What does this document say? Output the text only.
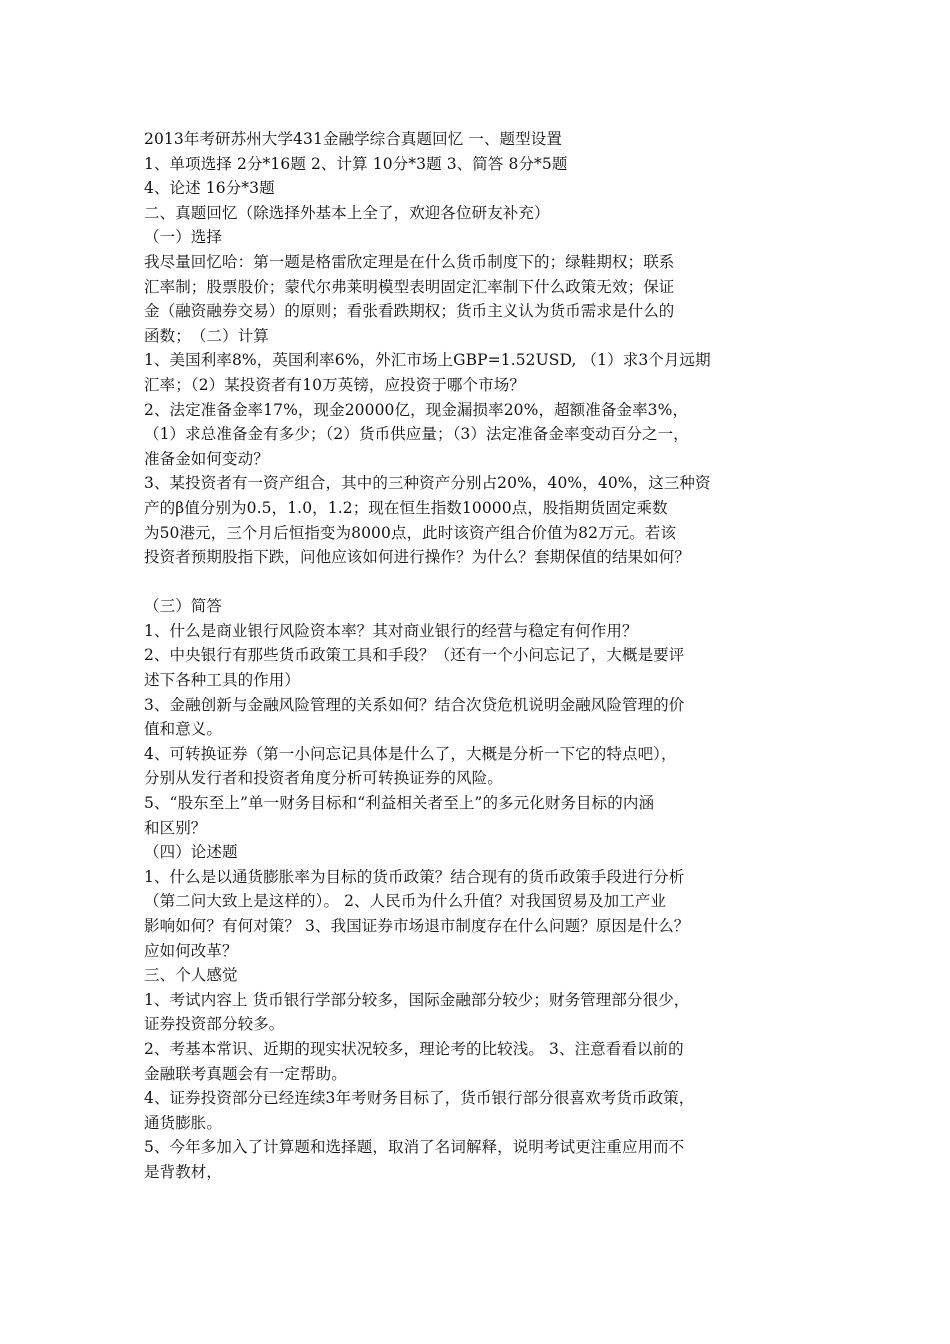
2013年考研苏州大学431金融学综合真题回忆 一、题型设置
1、单项选择 2分*16题 2、计算 10分*3题 3、简答 8分*5题
4、论述 16分*3题
二、真题回忆（除选择外基本上全了，欢迎各位研友补充）
（一）选择
我尽量回忆哈：第一题是格雷欣定理是在什么货币制度下的；绿鞋期权；联系
汇率制；股票股价；蒙代尔弗莱明模型表明固定汇率制下什么政策无效；保证
金（融资融券交易）的原则；看张看跌期权；货币主义认为货币需求是什么的
函数；　（二）计算
1、美国利率8%，英国利率6%，外汇市场上GBP=1.52USD, （1）求3个月远期
汇率；（2）某投资者有10万英镑，应投资于哪个市场？
2、法定准备金率17%，现金20000亿，现金漏损率20%，超额准备金率3%，
（1）求总准备金有多少；（2）货币供应量；（3）法定准备金率变动百分之一，
准备金如何变动？
3、某投资者有一资产组合，其中的三种资产分别占20%，40%，40%，这三种资
产的β值分别为0.5，1.0，1.2；现在恒生指数10000点，股指期货固定乘数
为50港元，三个月后恒指变为8000点，此时该资产组合价值为82万元。若该
投资者预期股指下跌，问他应该如何进行操作？为什么？套期保值的结果如何？
（三）简答
1、什么是商业银行风险资本率？其对商业银行的经营与稳定有何作用？
2、中央银行有那些货币政策工具和手段？（还有一个小问忘记了，大概是要评
述下各种工具的作用）
3、金融创新与金融风险管理的关系如何？结合次贷危机说明金融风险管理的价
值和意义。
4、可转换证券（第一小问忘记具体是什么了，大概是分析一下它的特点吧），
分别从发行者和投资者角度分析可转换证券的风险。
5、“股东至上”单一财务目标和“利益相关者至上”的多元化财务目标的内涵
和区别？
（四）论述题
1、什么是以通货膨胀率为目标的货币政策？结合现有的货币政策手段进行分析
（第二问大致上是这样的）。 2、人民币为什么升值？对我国贸易及加工产业
影响如何？有何对策？ 3、我国证券市场退市制度存在什么问题？原因是什么？
应如何改革？
三、个人感觉
1、考试内容上 货币银行学部分较多，国际金融部分较少；财务管理部分很少，
证券投资部分较多。
2、考基本常识、近期的现实状况较多，理论考的比较浅。 3、注意看看以前的
金融联考真题会有一定帮助。
4、证券投资部分已经连续3年考财务目标了，货币银行部分很喜欢考货币政策，
通货膨胀。
5、今年多加入了计算题和选择题，取消了名词解释，说明考试更注重应用而不
是背教材，
